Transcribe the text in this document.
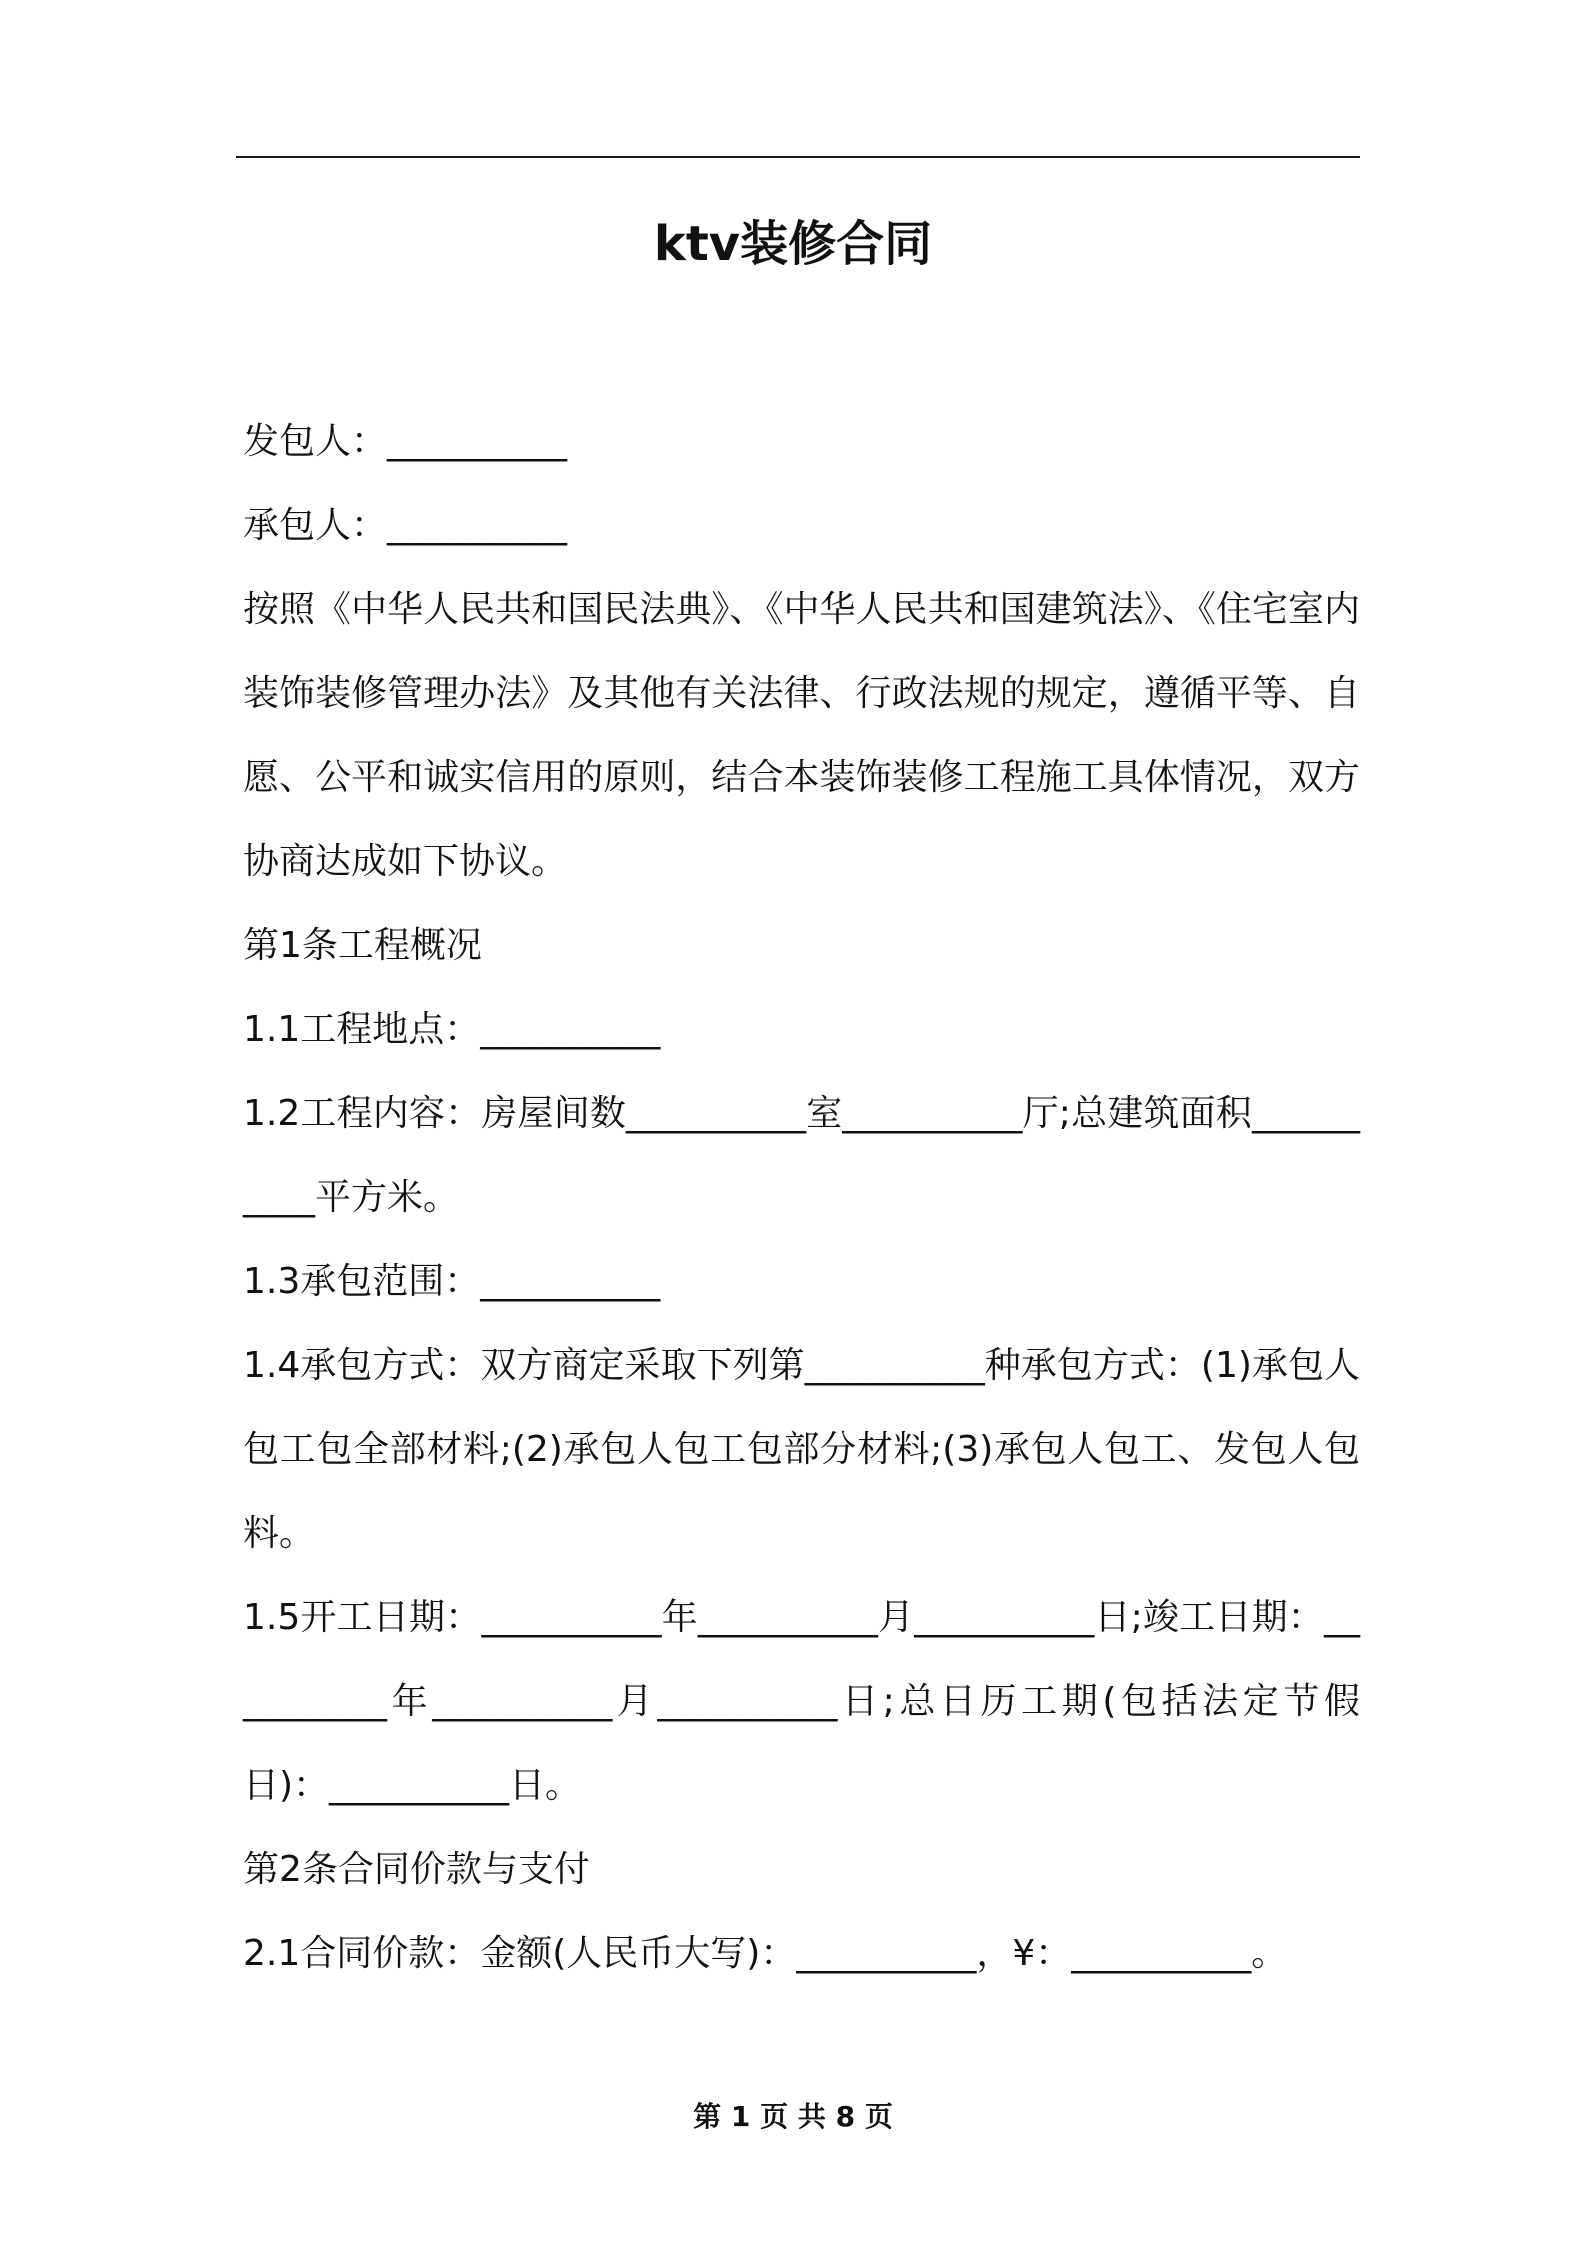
ktv装修合同

发包人：__________

承包人：__________

按照《中华人民共和国民法典》、《中华人民共和国建筑法》、《住宅室内装饰装修管理办法》及其他有关法律、行政法规的规定，遵循平等、自愿、公平和诚实信用的原则，结合本装饰装修工程施工具体情况，双方协商达成如下协议。

第1条工程概况

1.1工程地点：__________

1.2工程内容：房屋间数__________室__________厅;总建筑面积__________平方米。

1.3承包范围：__________

1.4承包方式：双方商定采取下列第__________种承包方式：(1)承包人包工包全部材料;(2)承包人包工包部分材料;(3)承包人包工、发包人包料。

1.5开工日期：__________年__________月__________日;竣工日期：__________年__________月__________日;总日历工期(包括法定节假日)：__________日。

第2条合同价款与支付

2.1合同价款：金额(人民币大写)：__________，¥：__________。

第 1 页 共 8 页
